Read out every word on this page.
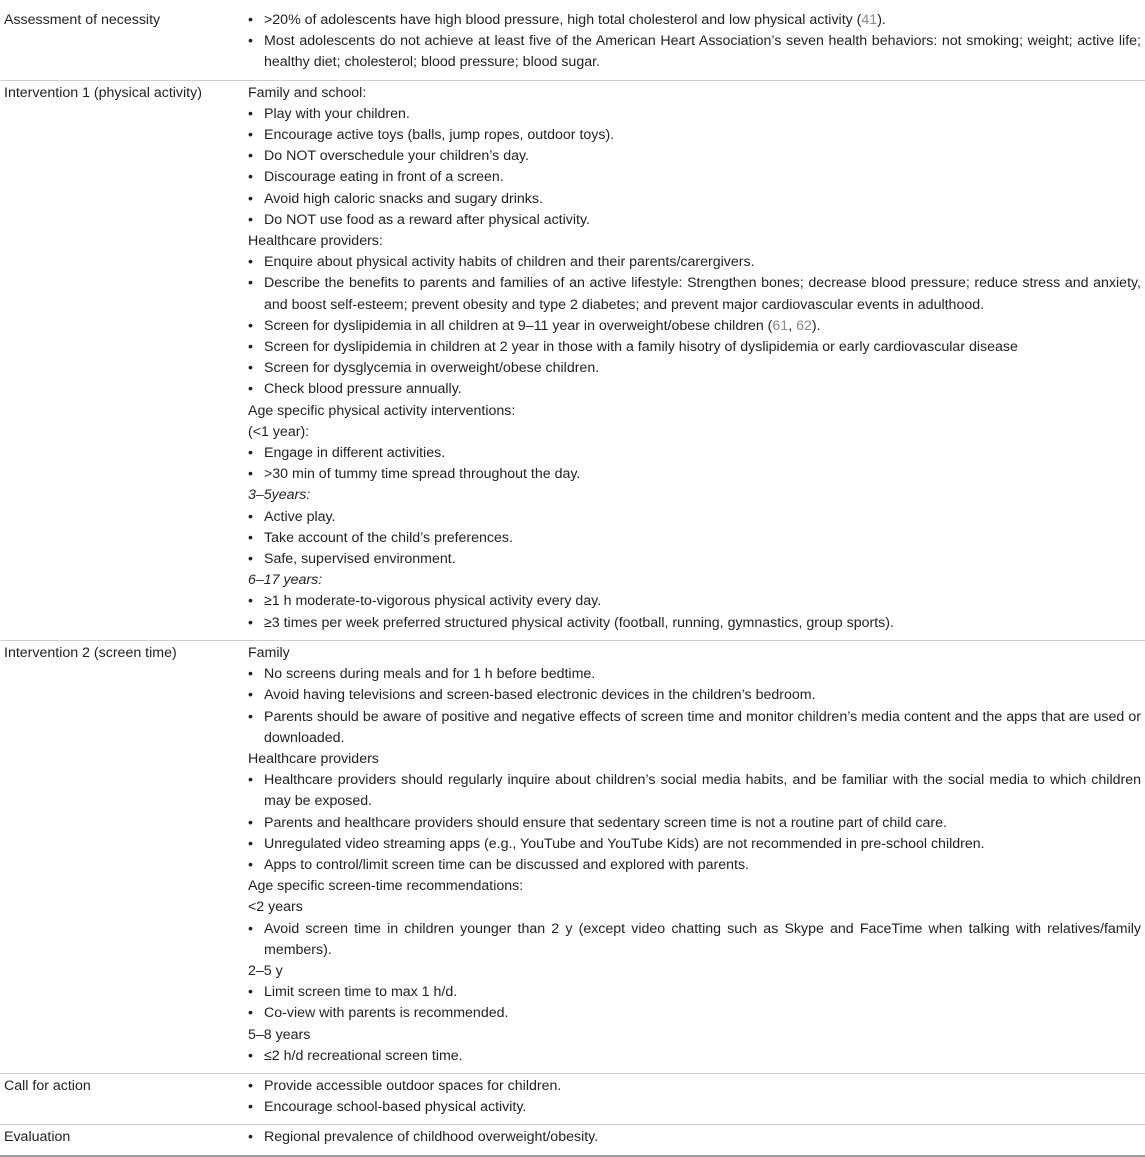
Assessment of necessity	• >20% of adolescents have high blood pressure, high total cholesterol and low physical activity (41).
• Most adolescents do not achieve at least five of the American Heart Association’s seven health behaviors: not smoking; weight; active life; healthy diet; cholesterol; blood pressure; blood sugar.
Intervention 1 (physical activity)	Family and school:
• Play with your children.
• Encourage active toys (balls, jump ropes, outdoor toys).
• Do NOT overschedule your children’s day.
• Discourage eating in front of a screen.
• Avoid high caloric snacks and sugary drinks.
• Do NOT use food as a reward after physical activity.
Healthcare providers:
• Enquire about physical activity habits of children and their parents/carergivers.
• Describe the benefits to parents and families of an active lifestyle: Strengthen bones; decrease blood pressure; reduce stress and anxiety, and boost self-esteem; prevent obesity and type 2 diabetes; and prevent major cardiovascular events in adulthood.
• Screen for dyslipidemia in all children at 9–11 year in overweight/obese children (61, 62).
• Screen for dyslipidemia in children at 2 year in those with a family hisotry of dyslipidemia or early cardiovascular disease
• Screen for dysglycemia in overweight/obese children.
• Check blood pressure annually.
Age specific physical activity interventions:
(<1 year):
• Engage in different activities.
• >30 min of tummy time spread throughout the day.
3–5years:
• Active play.
• Take account of the child’s preferences.
• Safe, supervised environment.
6–17 years:
• ≥1 h moderate-to-vigorous physical activity every day.
• ≥3 times per week preferred structured physical activity (football, running, gymnastics, group sports).
Intervention 2 (screen time)	Family
• No screens during meals and for 1 h before bedtime.
• Avoid having televisions and screen-based electronic devices in the children’s bedroom.
• Parents should be aware of positive and negative effects of screen time and monitor children’s media content and the apps that are used or downloaded.
Healthcare providers
• Healthcare providers should regularly inquire about children’s social media habits, and be familiar with the social media to which children may be exposed.
• Parents and healthcare providers should ensure that sedentary screen time is not a routine part of child care.
• Unregulated video streaming apps (e.g., YouTube and YouTube Kids) are not recommended in pre-school children.
• Apps to control/limit screen time can be discussed and explored with parents.
Age specific screen-time recommendations:
<2 years
• Avoid screen time in children younger than 2 y (except video chatting such as Skype and FaceTime when talking with relatives/family members).
2–5 y
• Limit screen time to max 1 h/d.
• Co-view with parents is recommended.
5–8 years
• ≤2 h/d recreational screen time.
Call for action	• Provide accessible outdoor spaces for children.
• Encourage school-based physical activity.
Evaluation	• Regional prevalence of childhood overweight/obesity.
